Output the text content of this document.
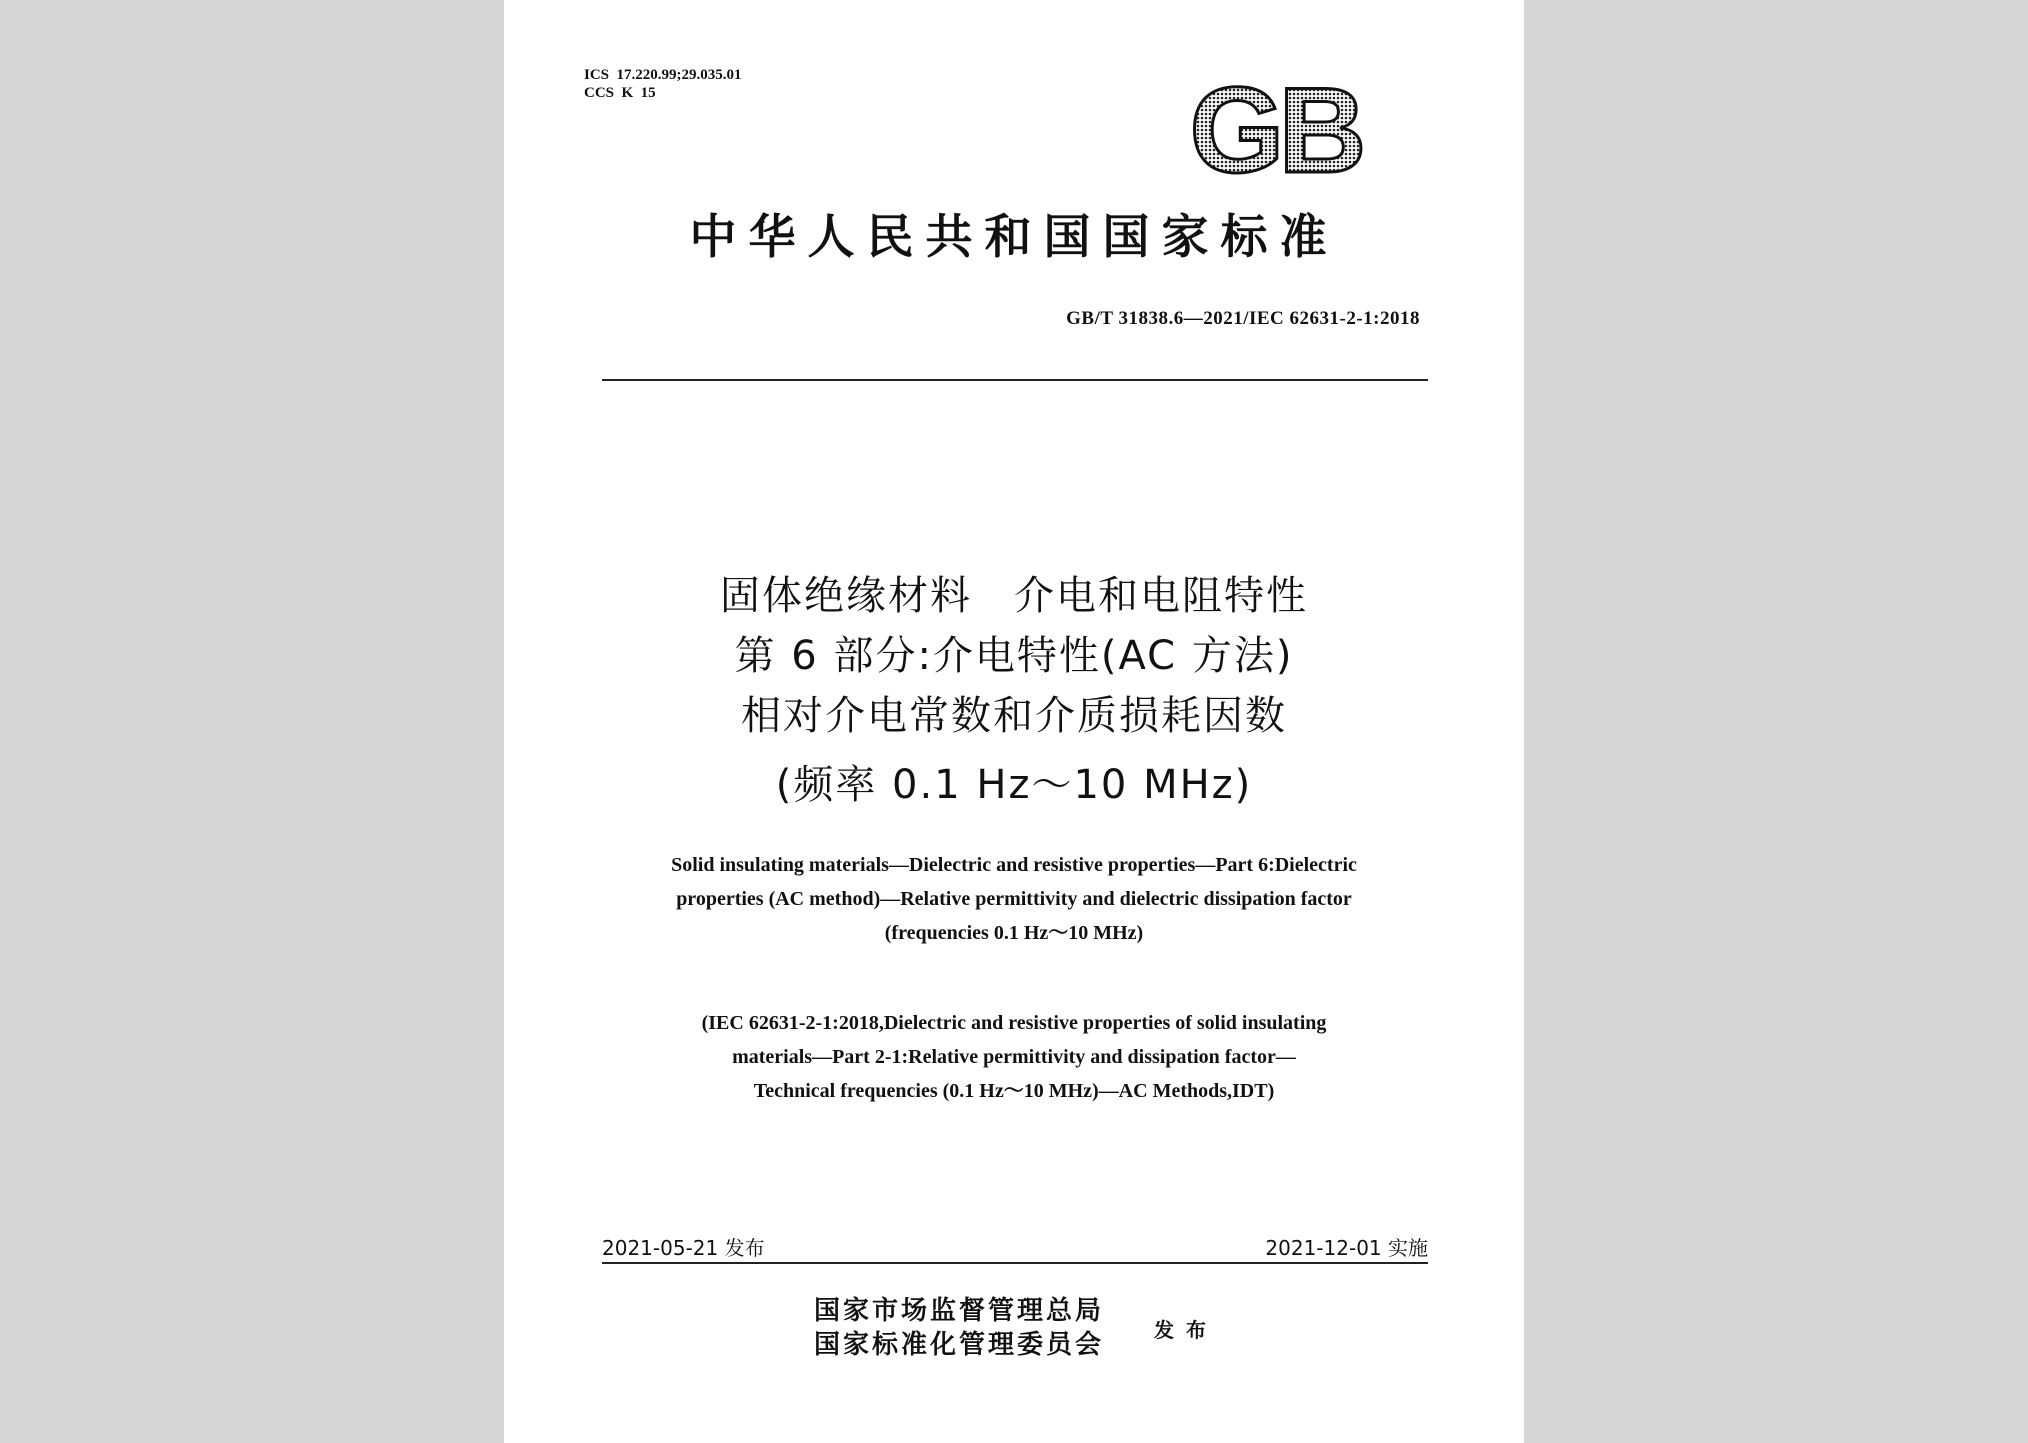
ICS  17.220.99;29.035.01
CCS  K  15	GB
中华人民共和国国家标准
GB/T 31838.6—2021/IEC 62631-2-1:2018
固体绝缘材料　介电和电阻特性
第 6 部分:介电特性(AC 方法)
相对介电常数和介质损耗因数
(频率 0.1 Hz～10 MHz)
Solid insulating materials—Dielectric and resistive properties—Part 6:Dielectric
properties (AC method)—Relative permittivity and dielectric dissipation factor
(frequencies 0.1 Hz～10 MHz)
(IEC 62631-2-1:2018,Dielectric and resistive properties of solid insulating
materials—Part 2-1:Relative permittivity and dissipation factor—
Technical frequencies (0.1 Hz～10 MHz)—AC Methods,IDT)
2021-05-21 发布	2021-12-01 实施
国家市场监督管理总局
国家标准化管理委员会 发布
